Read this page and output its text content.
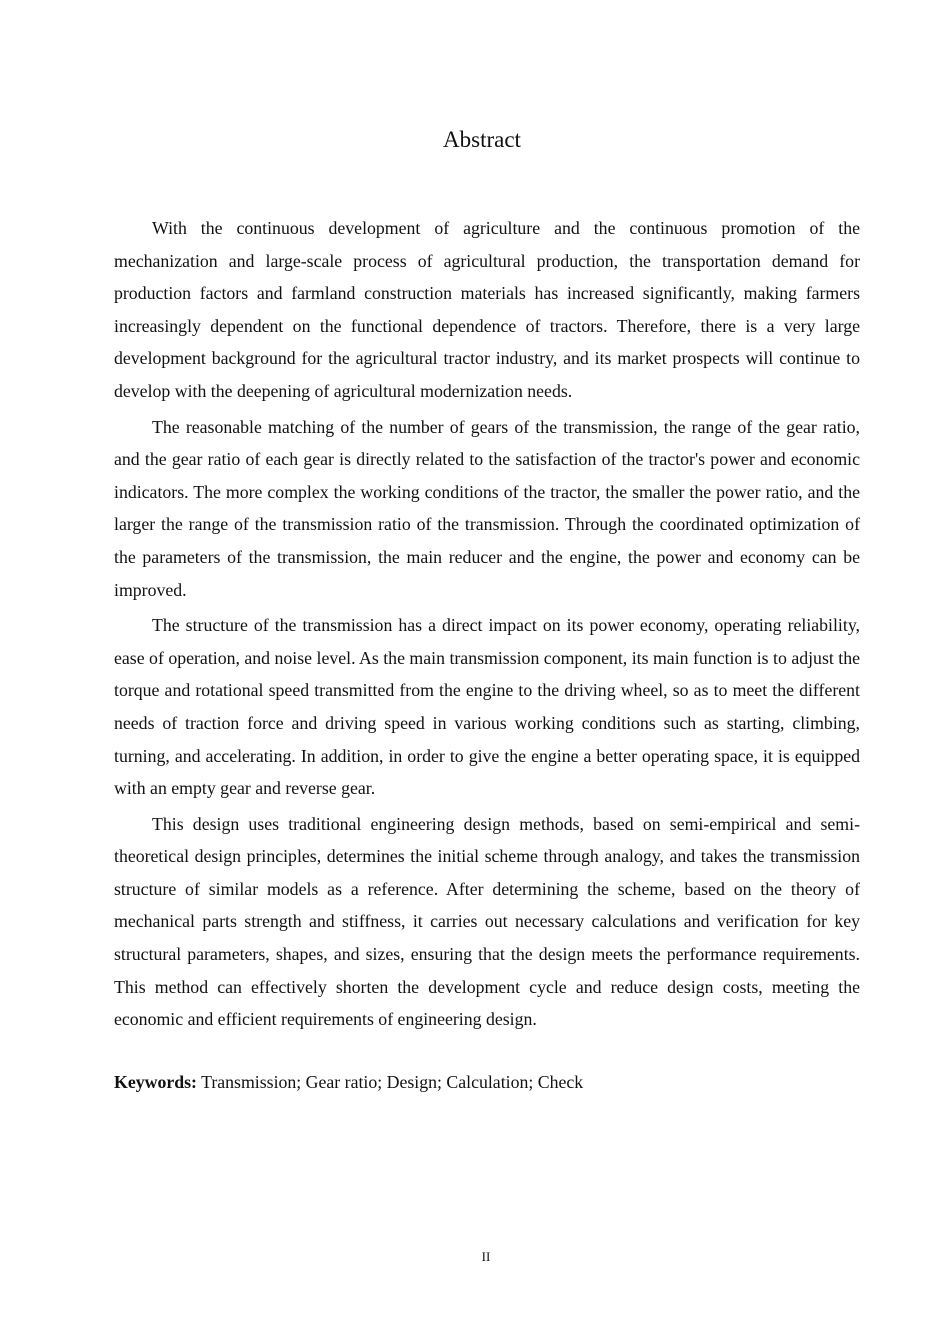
Abstract

With the continuous development of agriculture and the continuous promotion of the mechanization and large-scale process of agricultural production, the transportation demand for production factors and farmland construction materials has increased significantly, making farmers increasingly dependent on the functional dependence of tractors. Therefore, there is a very large development background for the agricultural tractor industry, and its market prospects will continue to develop with the deepening of agricultural modernization needs.

The reasonable matching of the number of gears of the transmission, the range of the gear ratio, and the gear ratio of each gear is directly related to the satisfaction of the tractor's power and economic indicators. The more complex the working conditions of the tractor, the smaller the power ratio, and the larger the range of the transmission ratio of the transmission. Through the coordinated optimization of the parameters of the transmission, the main reducer and the engine, the power and economy can be improved.

The structure of the transmission has a direct impact on its power economy, operating reliability, ease of operation, and noise level. As the main transmission component, its main function is to adjust the torque and rotational speed transmitted from the engine to the driving wheel, so as to meet the different needs of traction force and driving speed in various working conditions such as starting, climbing, turning, and accelerating. In addition, in order to give the engine a better operating space, it is equipped with an empty gear and reverse gear.

This design uses traditional engineering design methods, based on semi-empirical and semi-theoretical design principles, determines the initial scheme through analogy, and takes the transmission structure of similar models as a reference. After determining the scheme, based on the theory of mechanical parts strength and stiffness, it carries out necessary calculations and verification for key structural parameters, shapes, and sizes, ensuring that the design meets the performance requirements. This method can effectively shorten the development cycle and reduce design costs, meeting the economic and efficient requirements of engineering design.

Keywords: Transmission; Gear ratio; Design; Calculation; Check
II
